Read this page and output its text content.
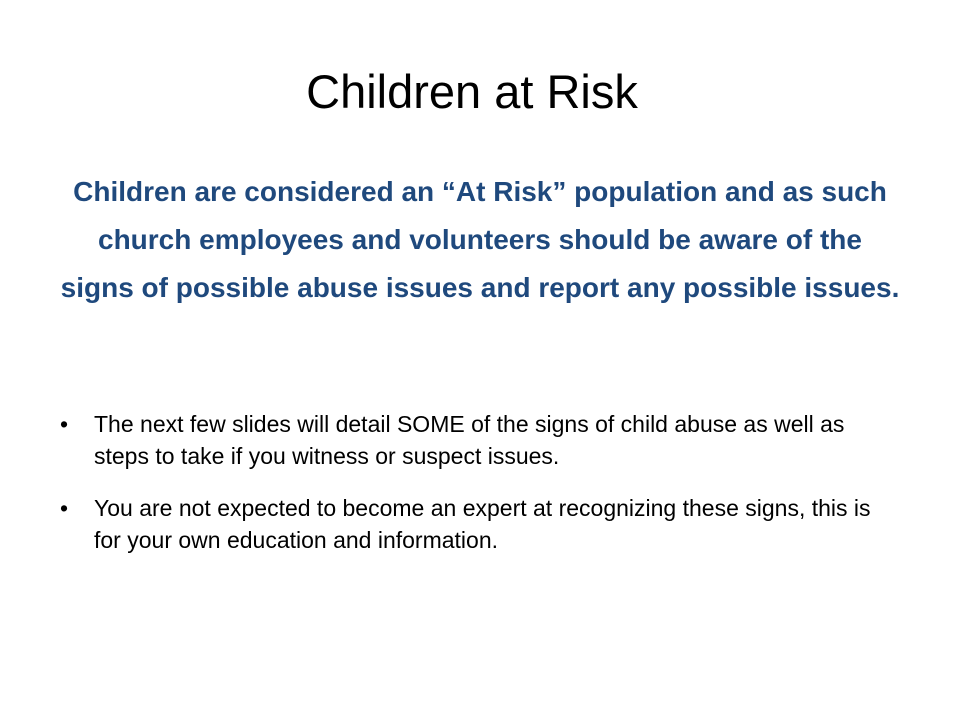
Children at Risk

Children are considered an “At Risk” population and as such church employees and volunteers should be aware of the signs of possible abuse issues and report any possible issues.

• The next few slides will detail SOME of the signs of child abuse as well as steps to take if you witness or suspect issues.
• You are not expected to become an expert at recognizing these signs, this is for your own education and information.
